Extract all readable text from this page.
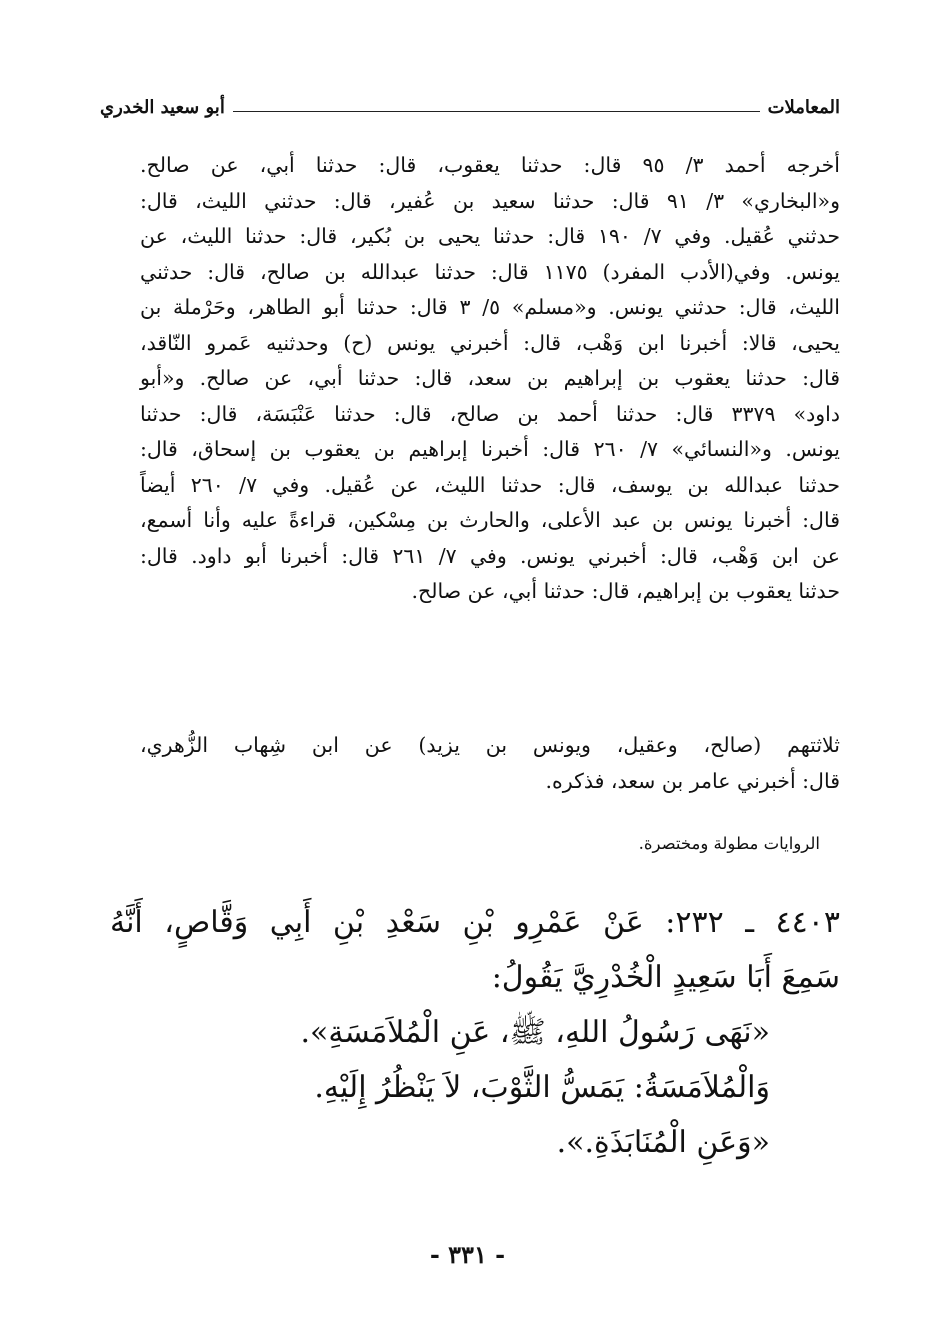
المعاملات
أبو سعيد الخدري
أخرجه أحمد ٣/ ٩٥ قال: حدثنا يعقوب، قال: حدثنا أبي، عن صالح.
و«البخاري» ٣/ ٩١ قال: حدثنا سعيد بن عُفير، قال: حدثني الليث، قال:
حدثني عُقيل. وفي ٧/ ١٩٠ قال: حدثنا يحيى بن بُكير، قال: حدثنا الليث، عن
يونس. وفي(الأدب المفرد) ١١٧٥ قال: حدثنا عبدالله بن صالح، قال: حدثني
الليث، قال: حدثني يونس. و«مسلم» ٥/ ٣ قال: حدثنا أبو الطاهر، وحَرْملة بن
يحيى، قالا: أخبرنا ابن وَهْب، قال: أخبرني يونس (ح) وحدثنيه عَمرو النّاقد،
قال: حدثنا يعقوب بن إبراهيم بن سعد، قال: حدثنا أبي، عن صالح. و«أبو
داود» ٣٣٧٩ قال: حدثنا أحمد بن صالح، قال: حدثنا عَنْبَسَة، قال: حدثنا
يونس. و«النسائي» ٧/ ٢٦٠ قال: أخبرنا إبراهيم بن يعقوب بن إسحاق، قال:
حدثنا عبدالله بن يوسف، قال: حدثنا الليث، عن عُقيل. وفي ٧/ ٢٦٠ أيضاً
قال: أخبرنا يونس بن عبد الأعلى، والحارث بن مِسْكين، قراءةً عليه وأنا أسمع،
عن ابن وَهْب، قال: أخبرني يونس. وفي ٧/ ٢٦١ قال: أخبرنا أبو داود. قال:
حدثنا يعقوب بن إبراهيم، قال: حدثنا أبي، عن صالح.
ثلاثتهم (صالح، وعقيل، ويونس بن يزيد) عن ابن شِهاب الزُّهري،
قال: أخبرني عامر بن سعد، فذكره.
الروايات مطولة ومختصرة.
٤٤٠٣ ـ ٢٣٢: عَنْ عَمْرِو بْنِ سَعْدِ بْنِ أَبِي وَقَّاصٍ، أَنَّهُ
سَمِعَ أَبَا سَعِيدٍ الْخُدْرِيَّ يَقُولُ:
«نَهَى رَسُولُ اللهِ، ﷺ، عَنِ الْمُلاَمَسَةِ».
وَالْمُلاَمَسَةُ: يَمَسُّ الثَّوْبَ، لاَ يَنْظُرُ إِلَيْهِ.
«وَعَنِ الْمُنَابَذَةِ.».
- ٣٣١ -
